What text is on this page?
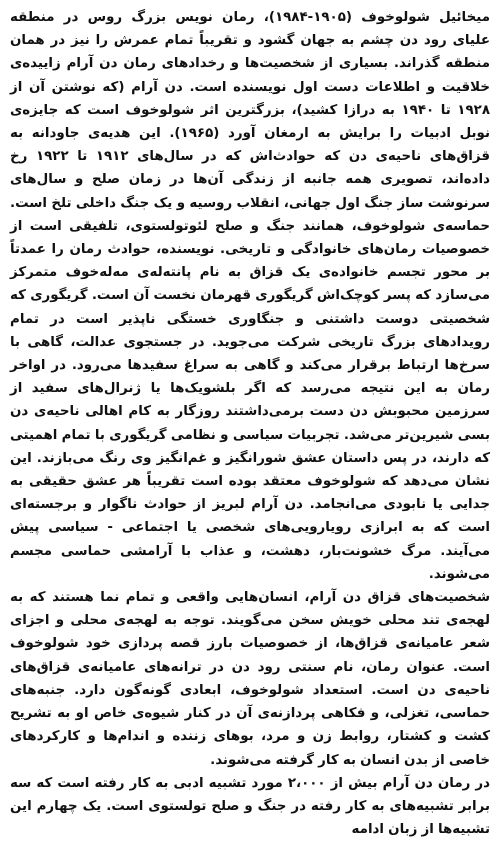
میخائیل شولوخوف (۱۹۰۵-۱۹۸۴)، رمان نویس بزرگ روس در منطقه علیای رود دن چشم به جهان گشود و تقریباً تمام عمرش را نیز در همان منطقه گذراند. بسیاری از شخصیت‌ها و رخدادهای رمان دن آرام زاییده‌ی خلاقیت و اطلاعات دست اول نویسنده است. دن آرام (که نوشتن آن از ۱۹۲۸ تا ۱۹۴۰ به درازا کشید)، بزرگترین اثر شولوخوف است که جایزه‌ی نوبل ادبیات را برایش به ارمغان آورد (۱۹۶۵). این هدیه‌ی جاودانه به قزاق‌های ناحیه‌ی دن که حوادث‌اش که در سال‌های ۱۹۱۲ تا ۱۹۲۲ رخ داده‌اند، تصویری همه جانبه از زندگی آن‌ها در زمان صلح و سال‌های سرنوشت ساز جنگ اول جهانی، انقلاب روسیه و یک جنگ داخلی تلخ است. حماسه‌ی شولوخوف، همانند جنگ و صلح لئوتولستوی، تلفیقی است از خصوصیات رمان‌های خانوادگی و تاریخی. نویسنده، حوادث رمان را عمدتاً بر محور تجسم خانواده‌ی یک قزاق به نام پانته‌له‌ی مه‌له‌خوف متمرکز می‌سازد که پسر کوچک‌اش گریگوری قهرمان نخست آن است. گریگوری که شخصیتی دوست داشتنی و جنگاوری خستگی ناپذیر است در تمام رویدادهای بزرگ تاریخی شرکت می‌جوید. در جستجوی عدالت، گاهی با سرخ‌ها ارتباط برقرار می‌کند و گاهی به سراغ سفیدها می‌رود. در اواخر رمان به این نتیجه می‌رسد که اگر بلشویک‌ها یا ژنرال‌های سفید از سرزمین محبوبش دن دست برمی‌داشتند روزگار به کام اهالی ناحیه‌ی دن بسی شیرین‌تر می‌شد. تجربیات سیاسی و نظامی گریگوری با تمام اهمیتی که دارند، در پس داستان عشق شورانگیز و غم‌انگیز وی رنگ می‌بازند. این نشان می‌دهد که شولوخوف معتقد بوده است تقریباً هر عشق حقیقی به جدایی یا نابودی می‌انجامد. دن آرام لبریز از حوادث ناگوار و برجسته‌ای است که به ابرازی رویارویی‌های شخصی یا اجتماعی - سیاسی پیش می‌آیند. مرگ خشونت‌بار، دهشت، و عذاب با آرامشی حماسی مجسم می‌شوند.

شخصیت‌های قزاق دن آرام، انسان‌هایی واقعی و تمام نما هستند که به لهجه‌ی تند محلی خویش سخن می‌گویند. توجه به لهجه‌ی محلی و اجزای شعر عامیانه‌ی قزاق‌ها، از خصوصیات بارز قصه پردازی خود شولوخوف است. عنوان رمان، نام سنتی رود دن در ترانه‌های عامیانه‌ی قزاق‌های ناحیه‌ی دن است. استعداد شولوخوف، ابعادی گونه‌گون دارد. جنبه‌های حماسی، تغزلی، و فکاهی پردازنه‌ی آن در کنار شیوه‌ی خاص او به تشریح کشت و کشتار، روابط زن و مرد، بوهای زننده و اندام‌ها و کارکردهای خاصی از بدن انسان به کار گرفته می‌شوند.

در رمان دن آرام بیش از ۲،۰۰۰ مورد تشبیه ادبی به کار رفته است که سه برابر تشبیه‌های به کار رفته در جنگ و صلح تولستوی است. یک چهارم این تشبیه‌ها از زبان ادامه
